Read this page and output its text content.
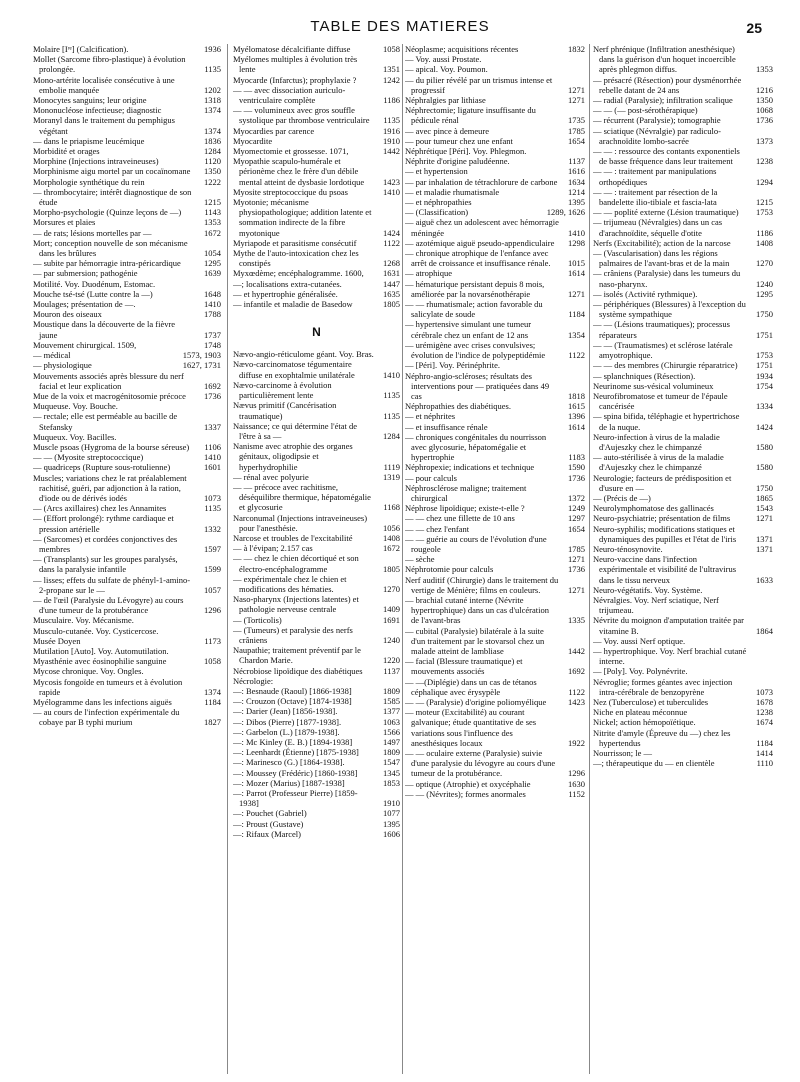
TABLE DES MATIERES	25
Molaire [Iʳᵉ] (Calcification).	1936
Mollet (Sarcome fibro-plastique) à évolution prolongée.	1135
Mono-artérite localisée consécutive à une embolie manquée	1202
Monocytes sanguins; leur origine	1318
Mononucléose infectieuse; diagnostic	1374
Moranyl dans le traitement du pemphigus végétant	1374
— dans le priapisme leucémique	1836
Morbidité et orages	1284
Morphine (Injections intraveineuses)	1120
Morphinisme aigu mortel par un cocaïnomane	1350
Morphologie synthétique du rein	1222
— thrombocytaire; intérêt diagnostique de son étude	1215
Morpho-psychologie (Quinze leçons de —)	1143
Morsures et plaies	1353
— de rats; lésions mortelles par —	1672
Mort; conception nouvelle de son mécanisme dans les brûlures	1054
— subite par hémorragie intra-péricardique	1295
— par submersion; pathogénie	1639
Motilité. Voy. Duodénum, Estomac.
Mouche tsé-tsé (Lutte contre la —)	1648
Moulages; présentation de —.	1410
Mouron des oiseaux	1788
Moustique dans la découverte de la fièvre jaune	1737
Mouvement chirurgical. 1509,	1748
— médical	1573, 1903
— physiologique	1627, 1731
Mouvements associés après blessure du nerf facial et leur explication	1692
Mue de la voix et macrogénitosomie précoce	1736
Muqueuse. Voy. Bouche.
— rectale; elle est perméable au bacille de Stefansky	1337
Muqueux. Voy. Bacilles.
Muscle psoas (Hygroma de la bourse séreuse)	1106
— — (Myosite streptococcique)	1410
— quadriceps (Rupture sous-rotulienne)	1601
Muscles; variations chez le rat préalablement rachitisé, guéri, par adjonction à la ration, d'iode ou de dérivés iodés	1073
— (Arcs axillaires) chez les Annamites	1135
— (Effort prolongé): rythme cardiaque et pression artérielle	1332
— (Sarcomes) et cordées conjonctives des membres	1597
— (Transplants) sur les groupes paralysés, dans la paralysie infantile	1599
— lisses; effets du sulfate de phényl-1-amino-2-propane sur le —	1057
— de l'œil (Paralysie du Lévogyre) au cours d'une tumeur de la protubérance	1296
Musculaire. Voy. Mécanisme.
Musculo-cutanée. Voy. Cysticercose.
Musée Doyen	1173
Mutilation [Auto]. Voy. Automutilation.
Myasthénie avec éosinophilie sanguine	1058
Mycose chronique. Voy. Ongles.
Mycosis fongoïde en tumeurs et à évolution rapide	1374
Myélogramme dans les infections aiguës	1184
— au cours de l'infection expérimentale du cobaye par B typhi murium	1827
Myélomatose décalcifiante diffuse	1058
Myélomes multiples à évolution très lente	1351
Myocarde (Infarctus); prophylaxie ?	1242
— — avec dissociation auriculo-ventriculaire complète	1186
— — volumineux avec gros souffle systolique par thrombose ventriculaire	1135
Myocardies par carence	1916
Myocardite	1910
Myomectomie et grossesse. 1071,	1442
Myopathie scapulo-humérale et périonème chez le frère d'un débile mental atteint de dysbasie lordotique	1423
Myosite streptococcique du psoas	1410
Myotonie; mécanisme physiopathologique; addition latente et sommation indirecte de la fibre myotonique	1424
Myriapode et parasitisme consécutif	1122
Mythe de l'auto-intoxication chez les constipés	1268
Myxœdème; encéphalogramme. 1600,	1631
—; localisations extra-cutanées.	1447
— et hypertrophie généralisée.	1635
— infantile et maladie de Basedow	1805
N
Nævo-angio-réticulome géant. Voy. Bras.
Nævo-carcinomatose tégumentaire diffuse en exophtalmie unilatérale	1410
Nævo-carcinome à évolution particulièrement lente	1135
Nævus primitif (Cancérisation traumatique)	1135
Naissance; ce qui détermine l'état de l'être à sa —	1284
Nanisme avec atrophie des organes génitaux, oligodipsie et hyperhydrophilie	1119
— rénal avec polyurie	1319
— — précoce avec rachitisme, déséquilibre thermique, hépatomégalie et glycosurie	1168
Narconumal (Injections intraveineuses) pour l'anesthésie.	1056
Narcose et troubles de l'excitabilité	1408
— à l'évipan; 2.157 cas	1672
— — chez le chien décortiqué et son électro-encéphalogramme	1805
— expérimentale chez le chien et modifications des hématies.	1270
Naso-pharynx (Injections latentes) et pathologie nerveuse centrale	1409
— (Torticolis)	1691
— (Tumeurs) et paralysie des nerfs crâniens	1240
Naupathie; traitement préventif par le Chardon Marie.	1220
Nécrobiose lipoïdique des diabétiques	1137
Nécrologie:
—: Besnaude (Raoul) [1866-1938]	1809
—: Crouzon (Octave) [1874-1938]	1585
—: Darier (Jean) [1856-1938].	1377
—: Dibos (Pierre) [1877-1938].	1063
—: Garbelon (L.) [1879-1938].	1566
—: Mc Kinley (E. B.) [1894-1938]	1497
—: Leenhardt (Étienne) [1875-1938]	1809
—: Marinesco (G.) [1864-1938].	1547
—: Moussey (Frédéric) [1860-1938]	1345
—: Mozer (Marius) [1887-1938]	1853
—: Parrot (Professeur Pierre) [1859-1938]	1910
—: Pouchet (Gabriel)	1077
—: Proust (Gustave)	1395
—: Rifaux (Marcel)	1606
Néoplasme; acquisitions récentes	1832
— Voy. aussi Prostate.
— apical. Voy. Poumon.
— du pilier révélé par un trismus intense et progressif	1271
Néphralgies par lithiase	1271
Néphrectomie; ligature insuffisante du pédicule rénal	1735
— avec pince à demeure	1785
— pour tumeur chez une enfant	1654
Néphrétique [Péri]. Voy. Phlegmon.
Néphrite d'origine paludéenne.	1137
— et hypertension	1616
— par inhalation de tétrachlorure de carbone 1634
— et maladie rhumatismale	1214
— et néphropathies	1395
— (Classification)	1289, 1626
— aiguë chez un adolescent avec hémorragie méningée	1410
— azotémique aiguë pseudo-appendiculaire	1298
— chronique atrophique de l'enfance avec arrêt de croissance et insuffisance rénale.	1015
— atrophique	1614
— hématurique persistant depuis 8 mois, améliorée par la novarsénothérapie	1271
— — rhumatismale; action favorable du salicylate de soude	1184
— hypertensive simulant une tumeur cérébrale chez un enfant de 12 ans	1354
— urémigène avec crises convulsives; évolution de l'indice de polypeptidémie	1122
— [Péri]. Voy. Périnéphrite.
Néphro-angio-scléroses; résultats des interventions pour — pratiquées dans 49 cas	1818
Néphropathies des diabétiques.	1615
— et néphrites	1396
— et insuffisance rénale	1614
— chroniques congénitales du nourrisson avec glycosurie, hépatomégalie et hypertrophie	1183
Néphropexie; indications et technique	1590
— pour calculs	1736
Néphrosclérose maligne; traitement chirurgical	1372
Néphrose lipoïdique; existe-t-elle ?	1249
— — chez une fillette de 10 ans	1297
— — chez l'enfant	1654
— — guérie au cours de l'évolution d'une rougeole	1785
— sèche	1271
Néphrotomie pour calculs	1736
Nerf auditif (Chirurgie) dans le traitement du vertige de Ménière; films en couleurs.	1271
— brachial cutané interne (Névrite hypertrophique) dans un cas d'ulcération de l'avant-bras	1335
— cubital (Paralysie) bilatérale à la suite d'un traitement par le stovarsol chez un malade atteint de lambliase	1442
— facial (Blessure traumatique) et mouvements associés	1692
— —(Diplégie) dans un cas de tétanos céphalique avec érysypèle	1122
— — (Paralysie) d'origine poliomyélique	1423
— moteur (Excitabilité) au courant galvanique; étude quantitative de ses variations sous l'influence des anesthésiques locaux	1922
— — oculaire externe (Paralysie) suivie d'une paralysie du lévogyre au cours d'une tumeur de la protubérance.	1296
— optique (Atrophie) et oxycéphalie	1630
— — (Névrites); formes anormales	1152
Nerf phrénique (Infiltration anesthésique) dans la guérison d'un hoquet incoercible après phlegmon diffus.	1353
— présacré (Résection) pour dysménorrhée rebelle datant de 24 ans	1216
— radial (Paralysie); infiltration scalique	1350
— — (— post-sérothérapique)	1068
— récurrent (Paralysie); tomographie	1736
— sciatique (Névralgie) par radiculo-arachnoïdite lombo-sacrée	1373
— — : ressource des contants exponentiels de basse fréquence dans leur traitement	1238
— — : traitement par manipulations orthopédiques	1294
— — : traitement par résection de la bandelette ilio-tibiale et fascia-lata	1215
— — poplité externe (Lésion traumatique)	1753
— trijumeau (Névralgies) dans un cas d'arachnoïdite, séquelle d'otite	1186
Nerfs (Excitabilité); action de la narcose	1408
— (Vascularisation) dans les régions palmaires de l'avant-bras et de la main	1270
— crâniens (Paralysie) dans les tumeurs du naso-pharynx.	1240
— isolés (Activité rythmique).	1295
— périphériques (Blessures) à l'exception du système sympathique	1750
— — (Lésions traumatiques); processus réparateurs	1751
— — (Traumatismes) et sclérose latérale amyotrophique.	1753
— — des membres (Chirurgie réparatrice)	1751
— splanchniques (Résection).	1934
Neurinome sus-vésical volumineux	1754
Neurofibromatose et tumeur de l'épaule cancérisée	1334
— spina bifida, téléphagie et hypertrichose de la nuque.	1424
Neuro-infection à virus de la maladie d'Aujeszky chez le chimpanzé	1580
— auto-stérilisée à virus de la maladie d'Aujeszky chez le chimpanzé	1580
Neurologie; facteurs de prédisposition et d'usure en —	1750
— (Précis de —)	1865
Neurolymphomatose des gallinacés	1543
Neuro-psychiatrie; présentation de films	1271
Neuro-syphilis; modifications statiques et dynamiques des pupilles et l'état de l'iris	1371
Neuro-ténosynovite.	1371
Neuro-vaccine dans l'infection expérimentale et visibilité de l'ultravirus dans le tissu nerveux	1633
Neuro-végétatifs. Voy. Système.
Névralgies. Voy. Nerf sciatique, Nerf trijumeau.
Névrite du moignon d'amputation traitée par vitamine B.	1864
— Voy. aussi Nerf optique.
— hypertrophique. Voy. Nerf brachial cutané interne.
— [Poly]. Voy. Polynévrite.
Névroglie; formes géantes avec injection intra-cérébrale de benzopyrène	1073
Nez (Tuberculose) et tuberculides	1678
Niche en plateau méconnue	1238
Nickel; action hémopoïétique.	1674
Nitrite d'amyle (Épreuve du —) chez les hypertendus	1184
Nourrisson; le —	1414
—; thérapeutique du — en clientèle	1110
